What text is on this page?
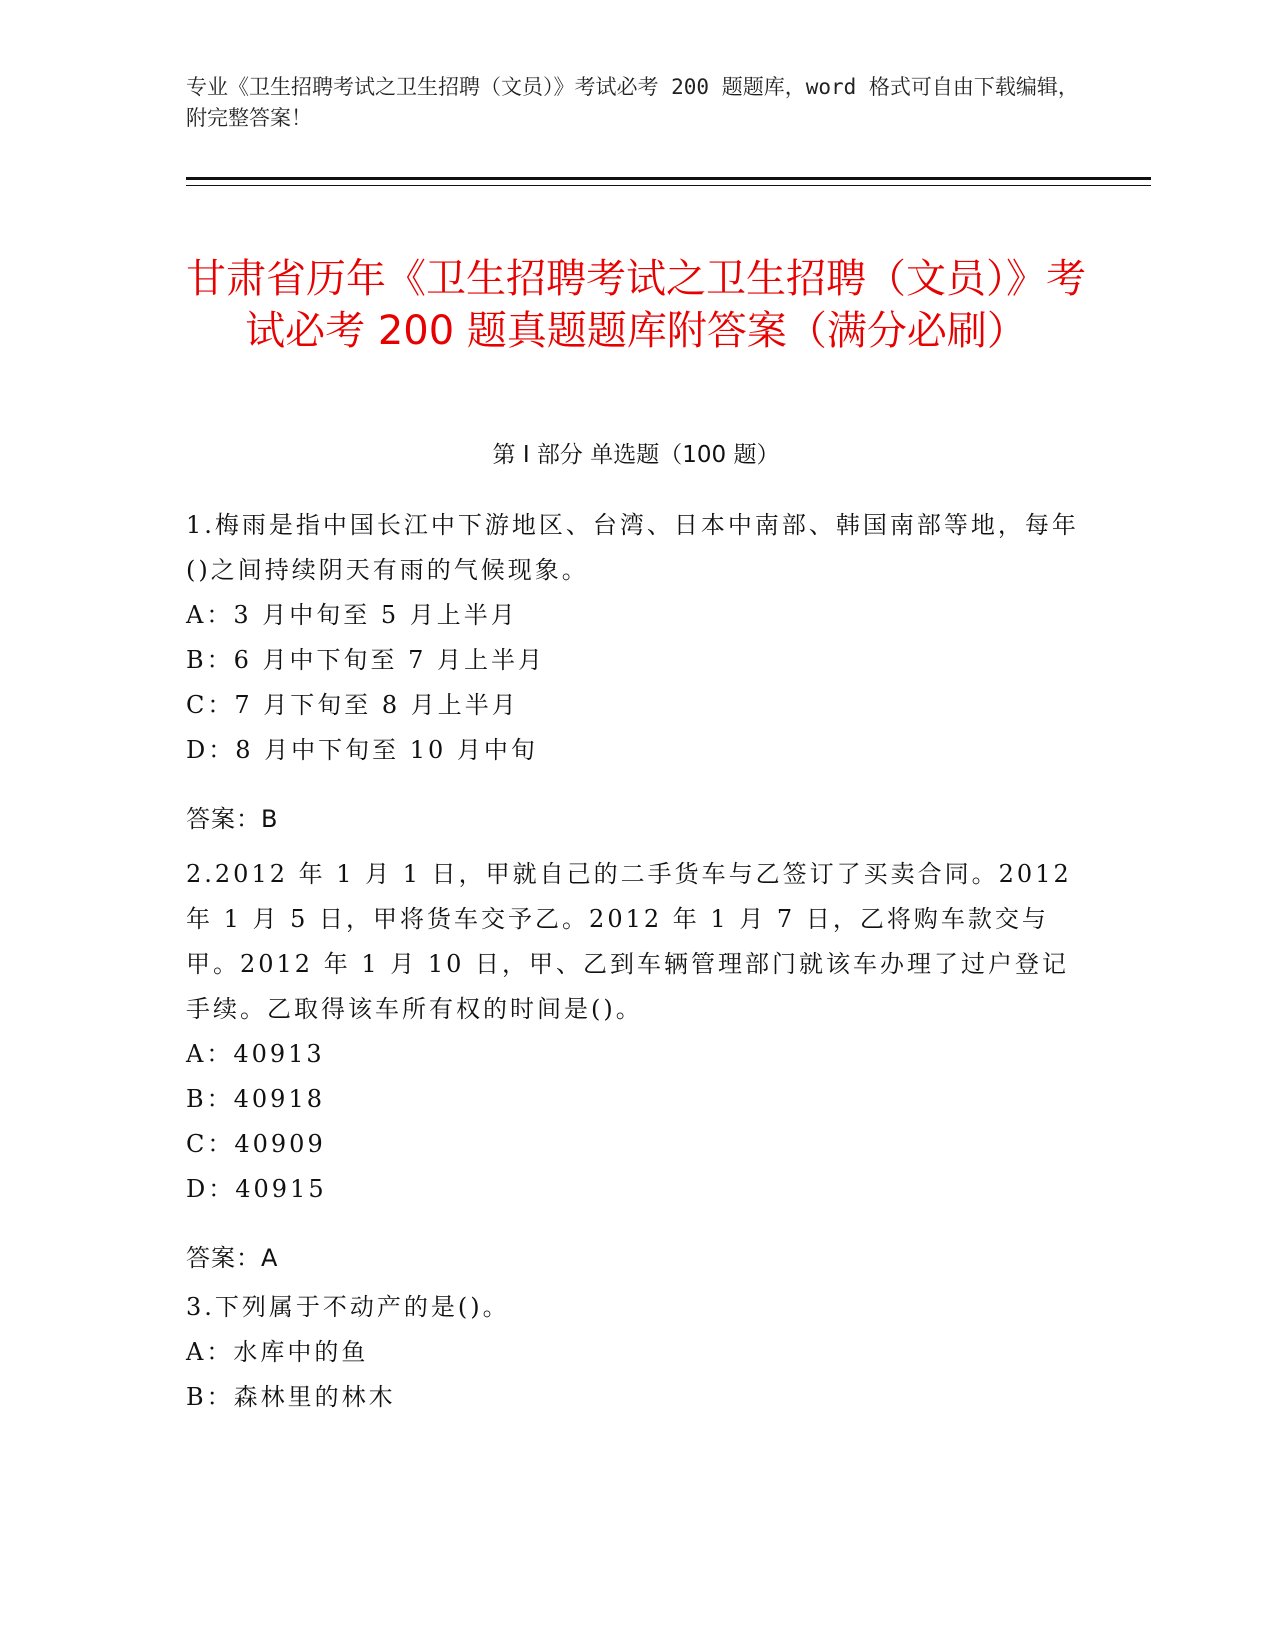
专业《卫生招聘考试之卫生招聘（文员）》考试必考 200 题题库，word 格式可自由下载编辑，附完整答案！
甘肃省历年《卫生招聘考试之卫生招聘（文员）》考试必考 200 题真题题库附答案（满分必刷）
第 I 部分 单选题（100 题）

1.梅雨是指中国长江中下游地区、台湾、日本中南部、韩国南部等地，每年()之间持续阴天有雨的气候现象。

A：3 月中旬至 5 月上半月

B：6 月中下旬至 7 月上半月

C：7 月下旬至 8 月上半月

D：8 月中下旬至 10 月中旬

答案：B

2.2012 年 1 月 1 日，甲就自己的二手货车与乙签订了买卖合同。2012 年 1 月 5 日，甲将货车交予乙。2012 年 1 月 7 日，乙将购车款交与甲。2012 年 1 月 10 日，甲、乙到车辆管理部门就该车办理了过户登记手续。乙取得该车所有权的时间是()。

A：40913

B：40918

C：40909

D：40915

答案：A

3.下列属于不动产的是()。

A：水库中的鱼

B：森林里的林木
